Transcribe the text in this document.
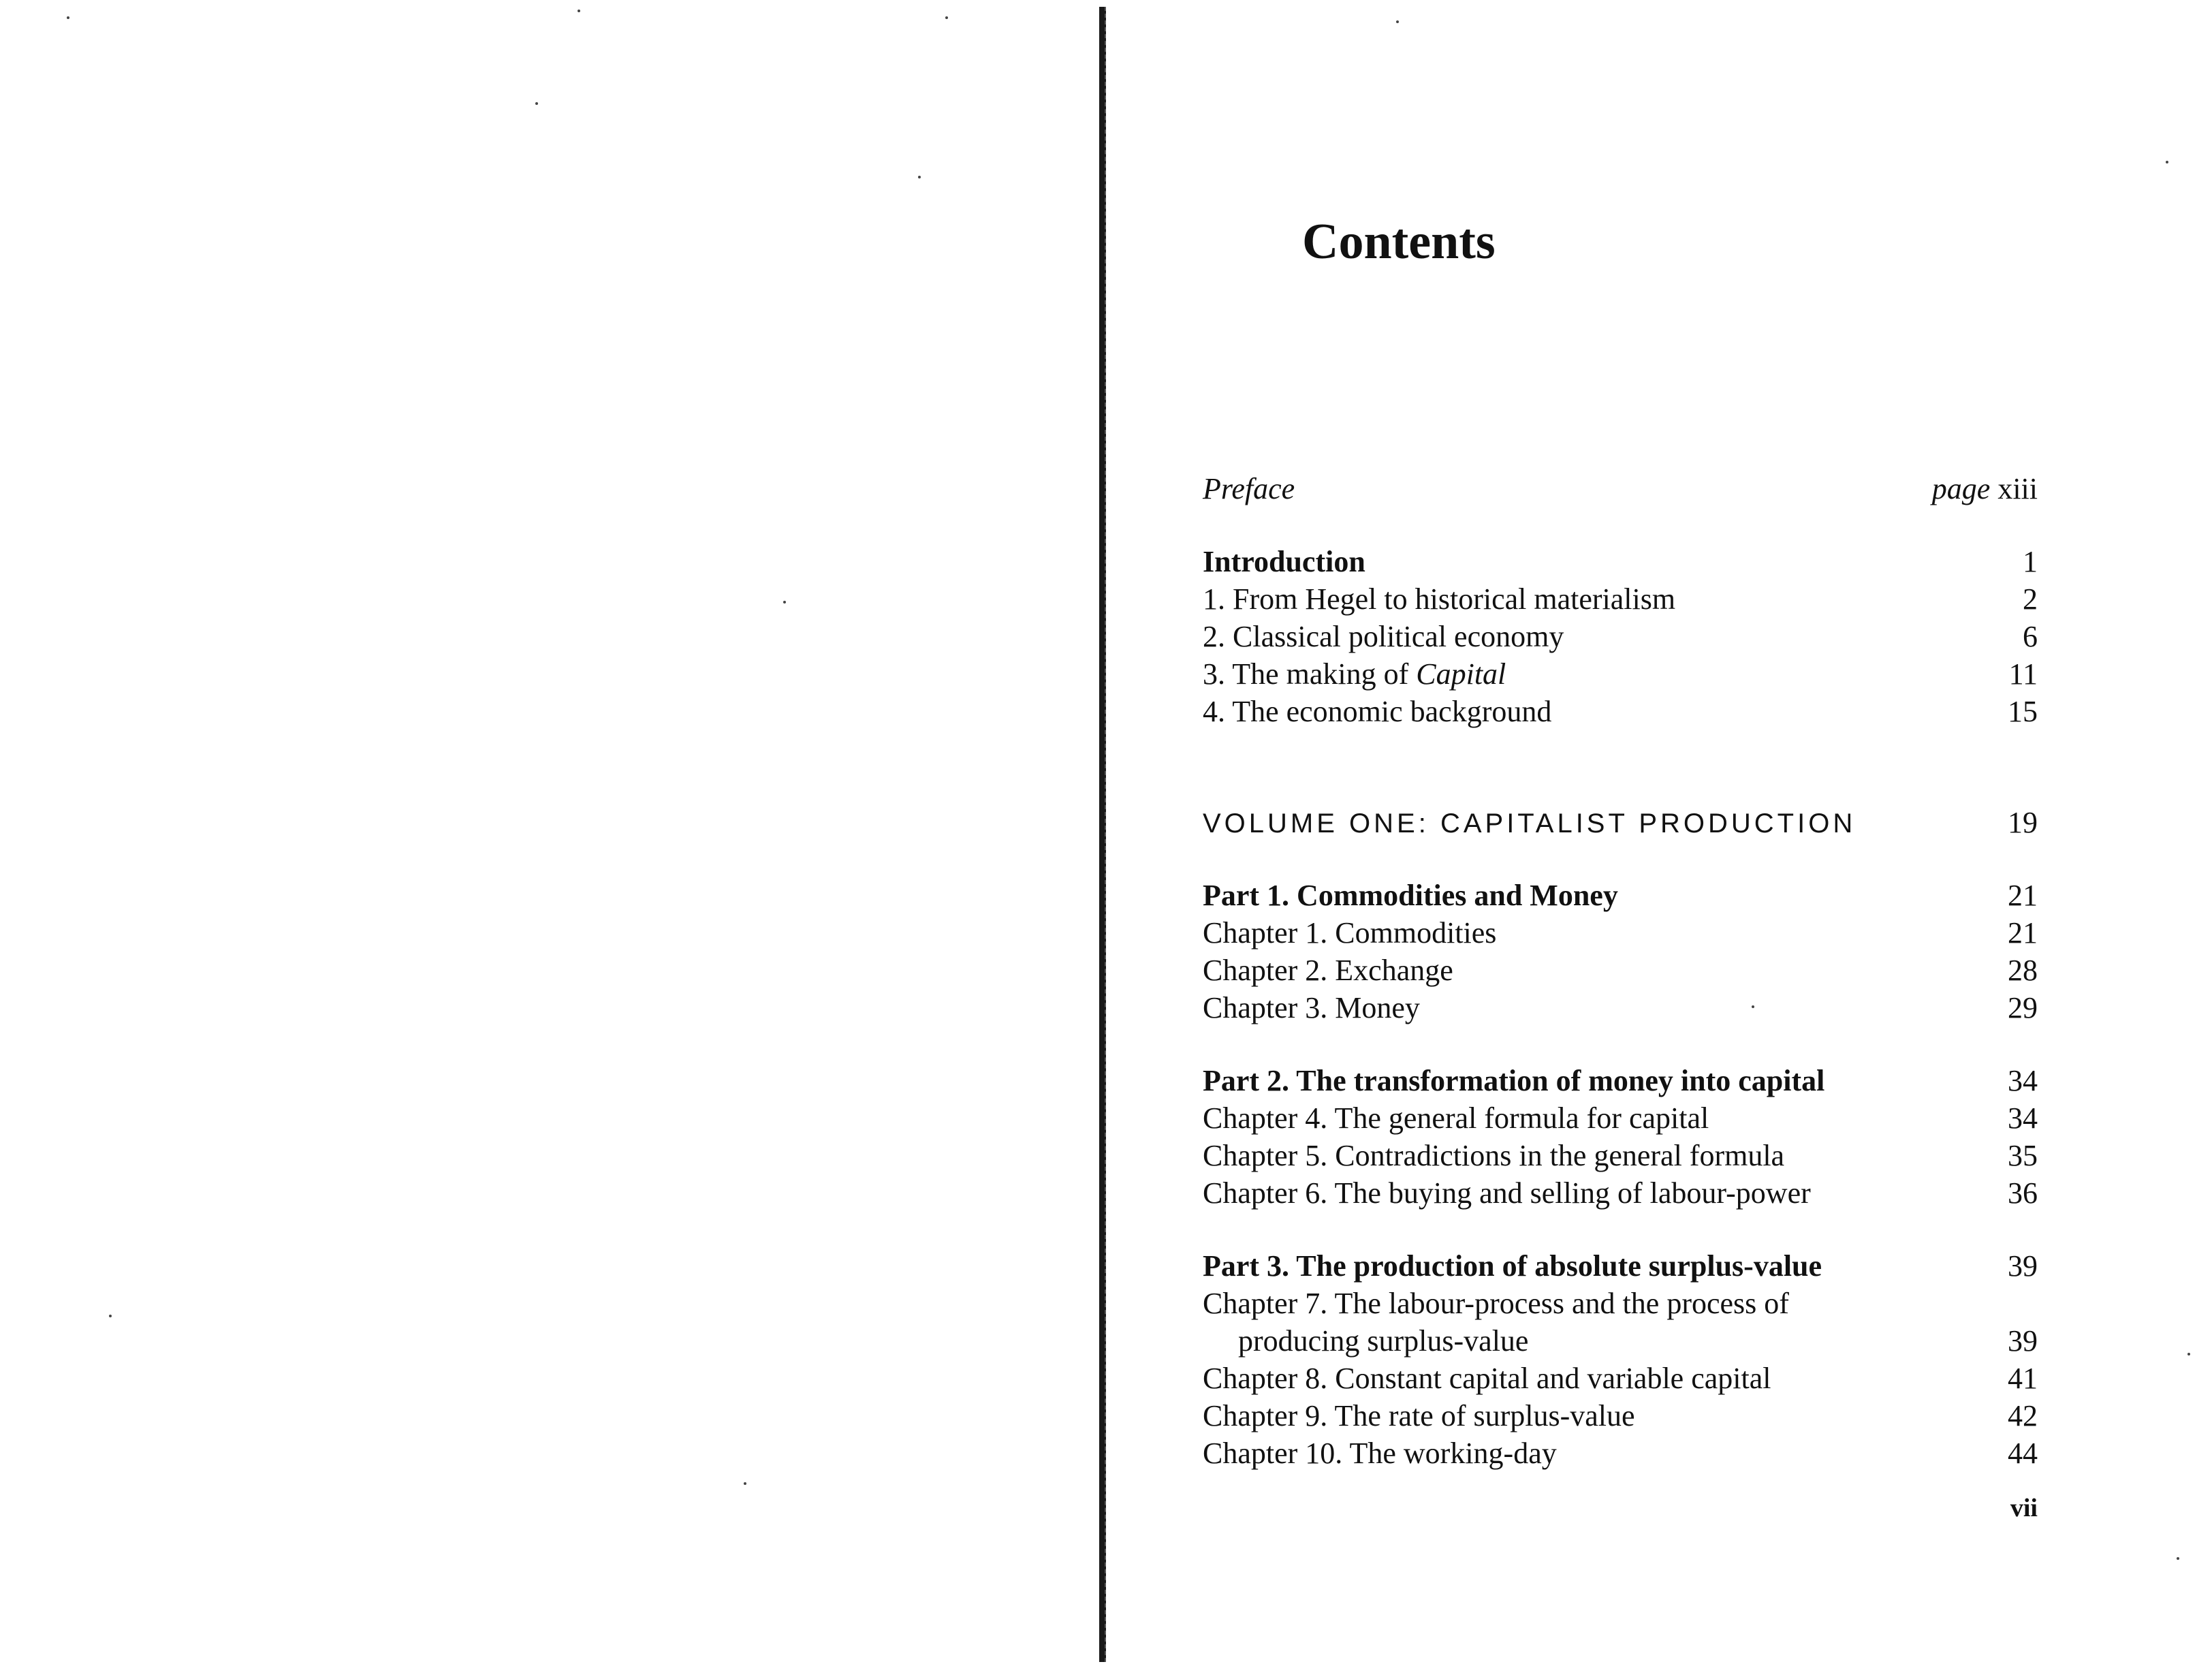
Contents
Preface	page xiii
Introduction	1
1. From Hegel to historical materialism	2
2. Classical political economy	6
3. The making of Capital	11
4. The economic background	15
VOLUME ONE: CAPITALIST PRODUCTION	19
Part 1. Commodities and Money	21
Chapter 1. Commodities	21
Chapter 2. Exchange	28
Chapter 3. Money	29
Part 2. The transformation of money into capital	34
Chapter 4. The general formula for capital	34
Chapter 5. Contradictions in the general formula	35
Chapter 6. The buying and selling of labour-power	36
Part 3. The production of absolute surplus-value	39
Chapter 7. The labour-process and the process of
producing surplus-value	39
Chapter 8. Constant capital and variable capital	41
Chapter 9. The rate of surplus-value	42
Chapter 10. The working-day	44
vii
